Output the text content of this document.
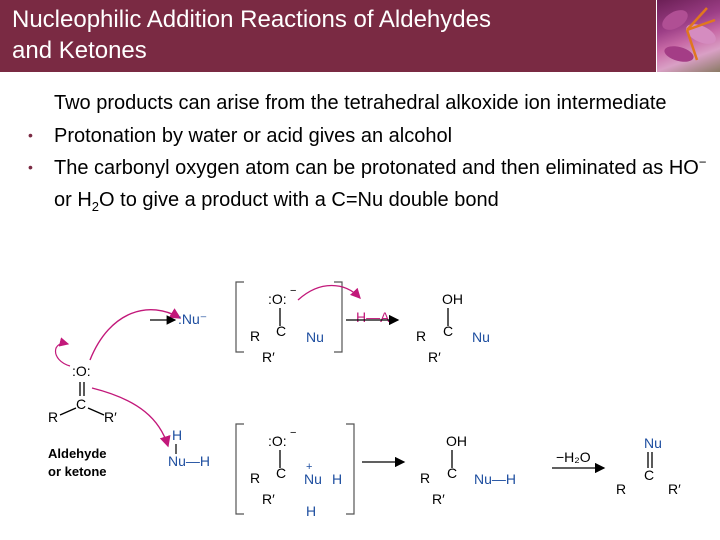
Nucleophilic Addition Reactions of Aldehydes
and Ketones

Two products can arise from the tetrahedral alkoxide ion intermediate

• Protonation by water or acid gives an alcohol

• The carbonyl oxygen atom can be protonated and then eliminated as HO− or $H_2O$ to give a product with a C=Nu double bond

:O:
C
R	R′
Aldehyde
or ketone
:Nu⁻
:O: −
R C Nu
R′
H—A
OH
R C Nu
R′
H
Nu—H
:O: −
R C +
Nu H
H
R′
OH
R C Nu—H
R′
−H₂O
Nu
C
R	R′
